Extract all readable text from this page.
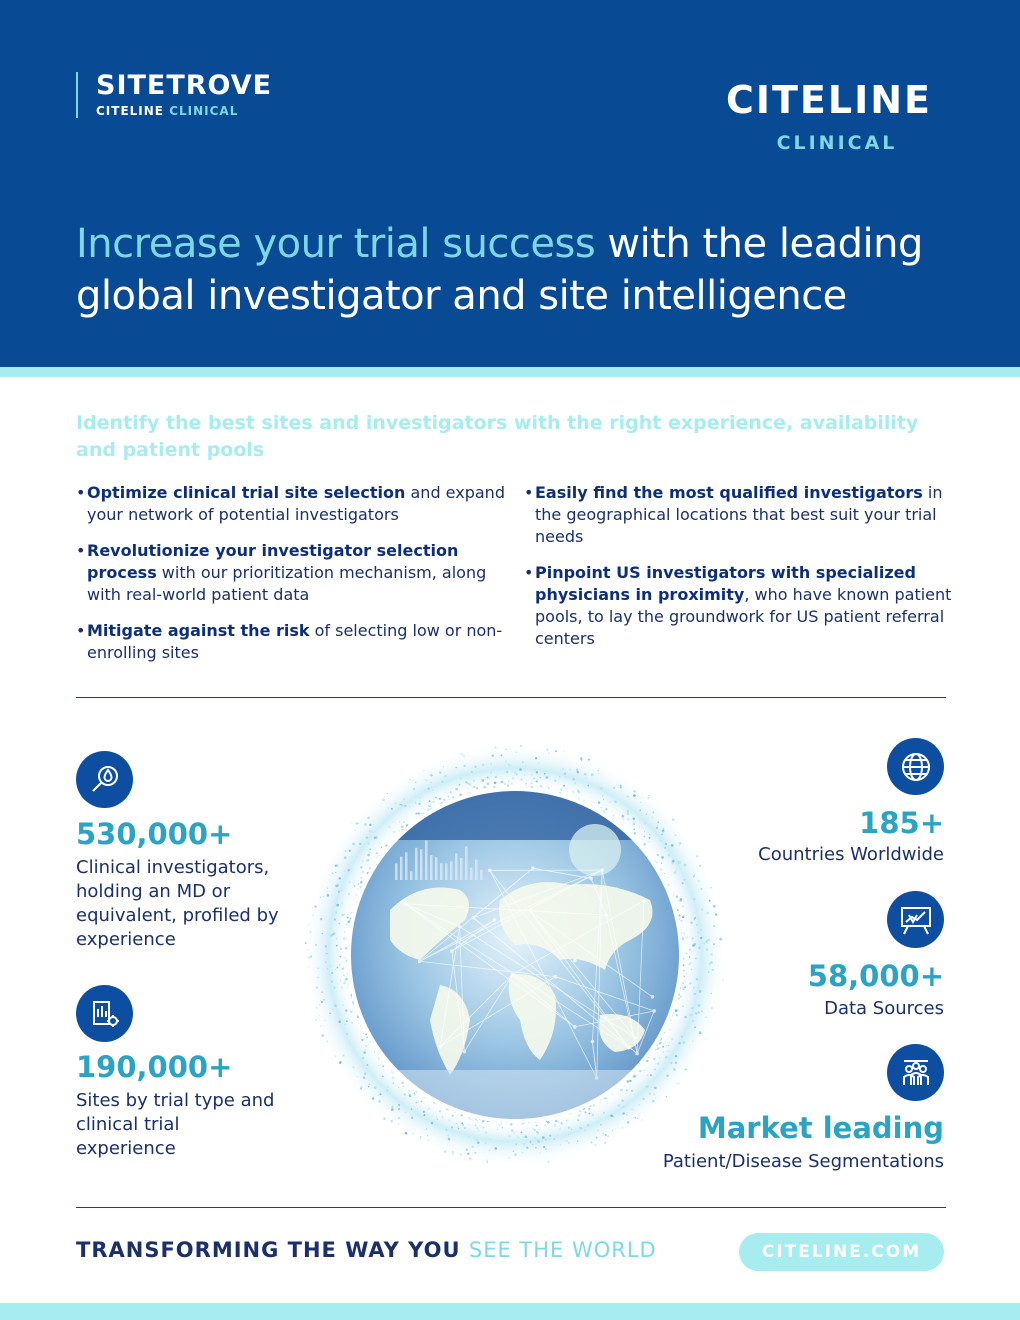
SITETROVE
CITELINE CLINICAL	CITELINE
CLINICAL
Increase your trial success with the leading global investigator and site intelligence
Identify the best sites and investigators with the right experience, availability and patient pools
• Optimize clinical trial site selection and expand your network of potential investigators
• Revolutionize your investigator selection process with our prioritization mechanism, along with real-world patient data
• Mitigate against the risk of selecting low or non-enrolling sites
• Easily find the most qualified investigators in the geographical locations that best suit your trial needs
• Pinpoint US investigators with specialized physicians in proximity, who have known patient pools, to lay the groundwork for US patient referral centers
530,000+
Clinical investigators, holding an MD or equivalent, profiled by experience
190,000+
Sites by trial type and clinical trial experience
185+
Countries Worldwide
58,000+
Data Sources
Market leading
Patient/Disease Segmentations
TRANSFORMING THE WAY YOU SEE THE WORLD	CITELINE.COM
